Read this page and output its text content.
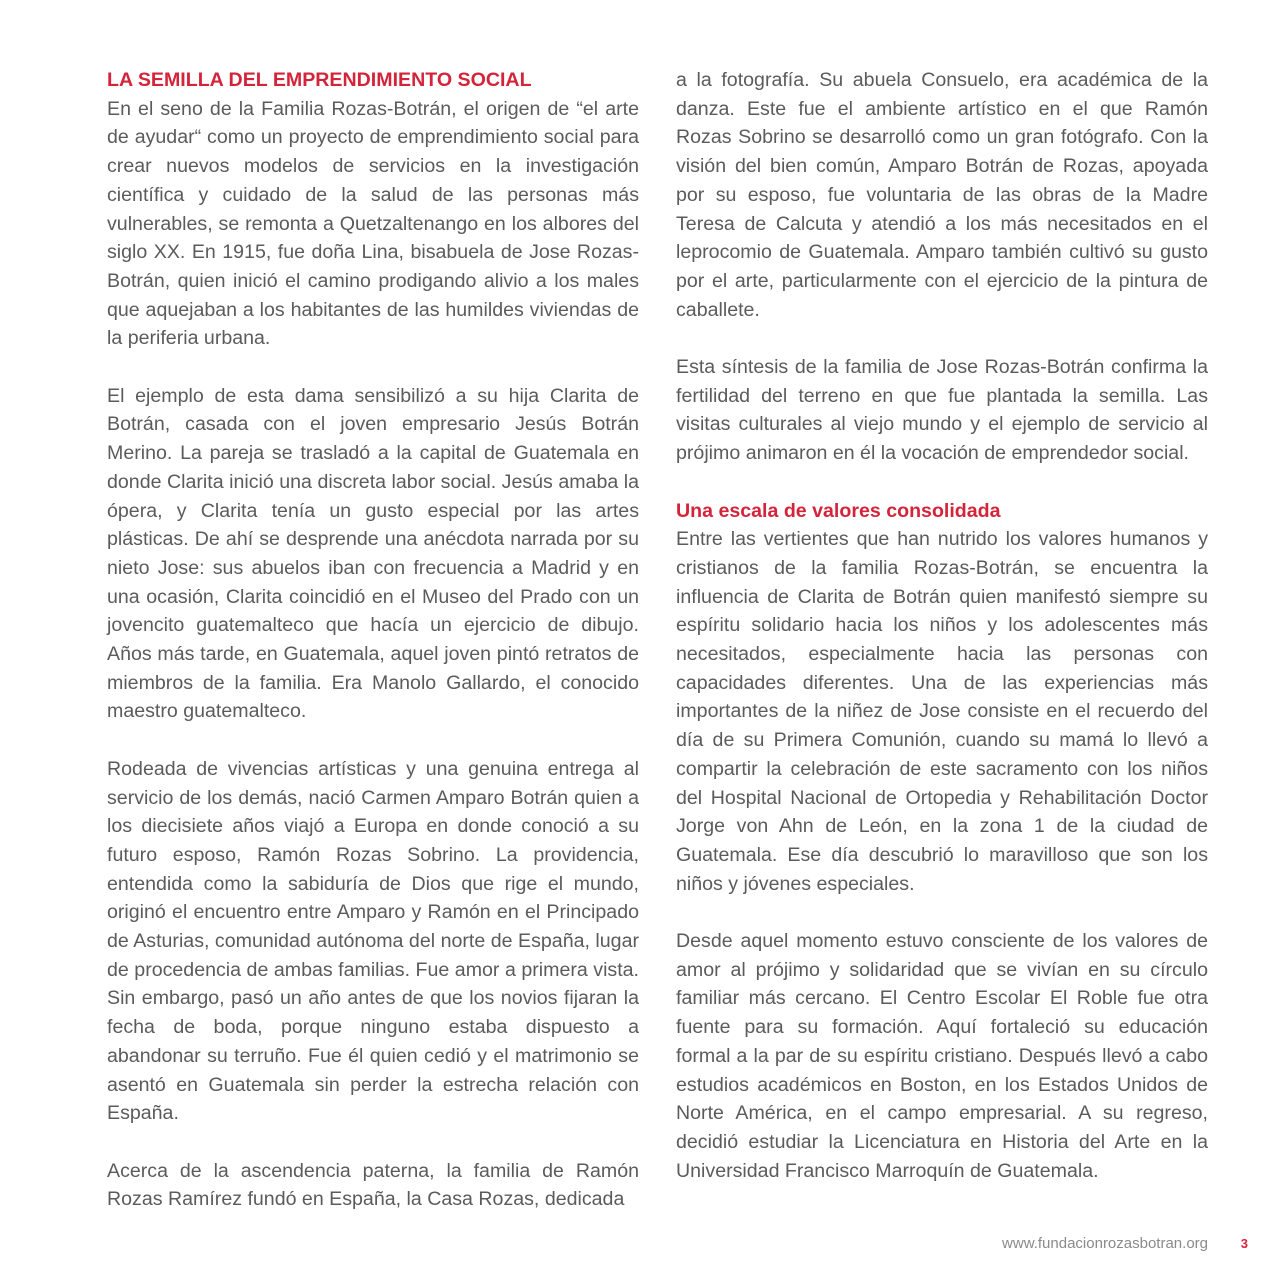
LA SEMILLA DEL EMPRENDIMIENTO SOCIAL

En el seno de la Familia Rozas-Botrán, el origen de “el arte de ayudar“ como un proyecto de emprendimiento social para crear nuevos modelos de servicios en la investigación científica y cuidado de la salud de las personas más vulnerables, se remonta a Quetzaltenango en los albores del siglo XX. En 1915, fue doña Lina, bisabuela de Jose Rozas-Botrán, quien inició el camino prodigando alivio a los males que aquejaban a los habitantes de las humildes viviendas de la periferia urbana.

El ejemplo de esta dama sensibilizó a su hija Clarita de Botrán, casada con el joven empresario Jesús Botrán Merino. La pareja se trasladó a la capital de Guatemala en donde Clarita inició una discreta labor social. Jesús amaba la ópera, y Clarita tenía un gusto especial por las artes plásticas. De ahí se desprende una anécdota narrada por su nieto Jose: sus abuelos iban con frecuencia a Madrid y en una ocasión, Clarita coincidió en el Museo del Prado con un jovencito guatemalteco que hacía un ejercicio de dibujo. Años más tarde, en Guatemala, aquel joven pintó retratos de miembros de la familia. Era Manolo Gallardo, el conocido maestro guatemalteco.

Rodeada de vivencias artísticas y una genuina entrega al servicio de los demás, nació Carmen Amparo Botrán quien a los diecisiete años viajó a Europa en donde conoció a su futuro esposo, Ramón Rozas Sobrino. La providencia, entendida como la sabiduría de Dios que rige el mundo, originó el encuentro entre Amparo y Ramón en el Principado de Asturias, comunidad autónoma del norte de España, lugar de procedencia de ambas familias. Fue amor a primera vista. Sin embargo, pasó un año antes de que los novios fijaran la fecha de boda, porque ninguno estaba dispuesto a abandonar su terruño. Fue él quien cedió y el matrimonio se asentó en Guatemala sin perder la estrecha relación con España.

Acerca de la ascendencia paterna, la familia de Ramón Rozas Ramírez fundó en España, la Casa Rozas, dedicada

a la fotografía. Su abuela Consuelo, era académica de la danza. Este fue el ambiente artístico en el que Ramón Rozas Sobrino se desarrolló como un gran fotógrafo. Con la visión del bien común, Amparo Botrán de Rozas, apoyada por su esposo, fue voluntaria de las obras de la Madre Teresa de Calcuta y atendió a los más necesitados en el leprocomio de Guatemala. Amparo también cultivó su gusto por el arte, particularmente con el ejercicio de la pintura de caballete.

Esta síntesis de la familia de Jose Rozas-Botrán confirma la fertilidad del terreno en que fue plantada la semilla. Las visitas culturales al viejo mundo y el ejemplo de servicio al prójimo animaron en él la vocación de emprendedor social.

Una escala de valores consolidada

Entre las vertientes que han nutrido los valores humanos y cristianos de la familia Rozas-Botrán, se encuentra la influencia de Clarita de Botrán quien manifestó siempre su espíritu solidario hacia los niños y los adolescentes más necesitados, especialmente hacia las personas con capacidades diferentes. Una de las experiencias más importantes de la niñez de Jose consiste en el recuerdo del día de su Primera Comunión, cuando su mamá lo llevó a compartir la celebración de este sacramento con los niños del Hospital Nacional de Ortopedia y Rehabilitación Doctor Jorge von Ahn de León, en la zona 1 de la ciudad de Guatemala. Ese día descubrió lo maravilloso que son los niños y jóvenes especiales.

Desde aquel momento estuvo consciente de los valores de amor al prójimo y solidaridad que se vivían en su círculo familiar más cercano. El Centro Escolar El Roble fue otra fuente para su formación. Aquí fortaleció su educación formal a la par de su espíritu cristiano. Después llevó a cabo estudios académicos en Boston, en los Estados Unidos de Norte América, en el campo empresarial. A su regreso, decidió estudiar la Licenciatura en Historia del Arte en la Universidad Francisco Marroquín de Guatemala.

www.fundacionrozasbotran.org	3
